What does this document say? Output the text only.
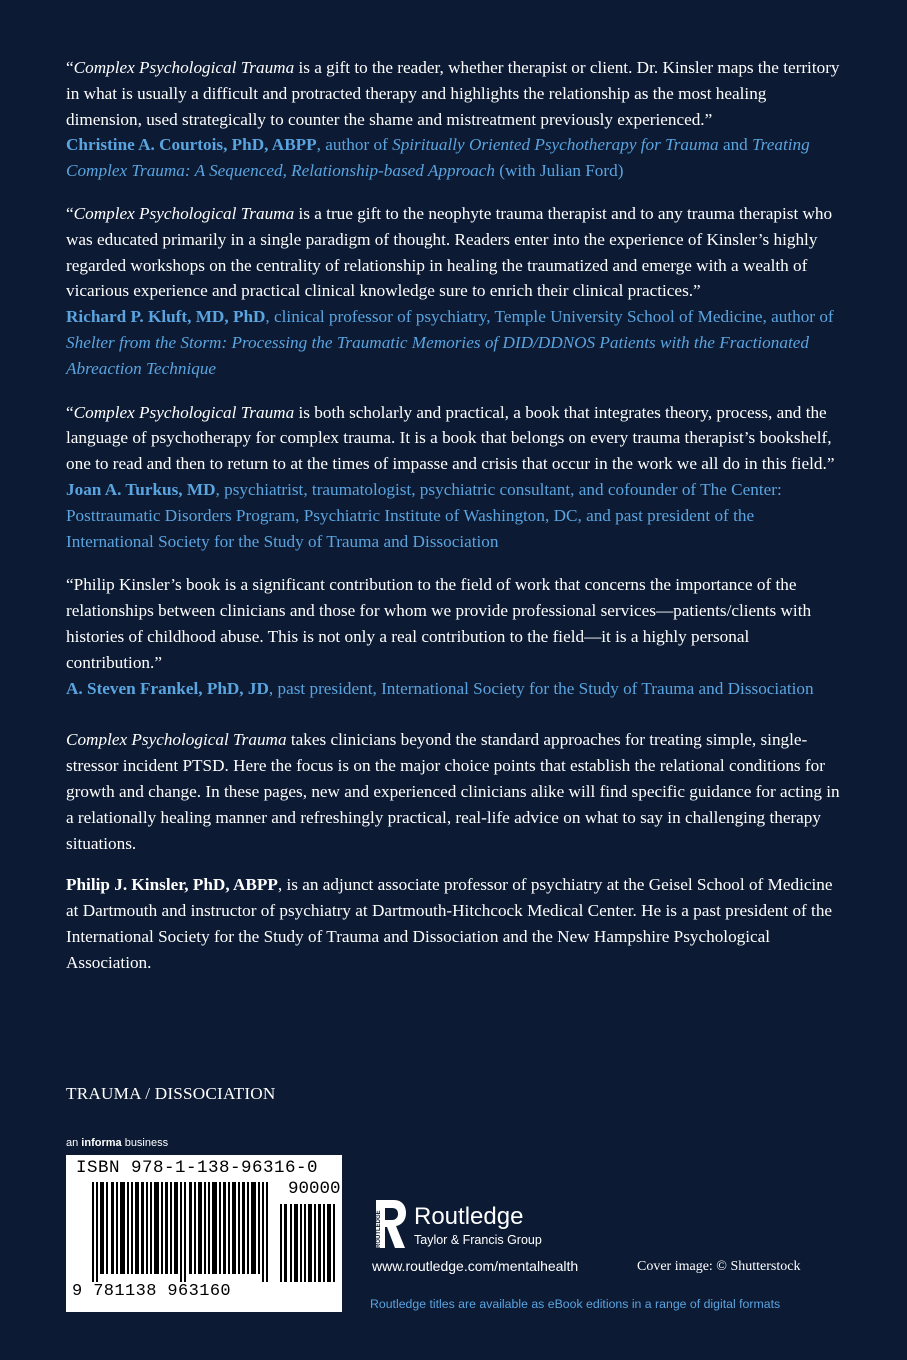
“Complex Psychological Trauma is a gift to the reader, whether therapist or client. Dr. Kinsler maps the territory in what is usually a difficult and protracted therapy and highlights the relationship as the most healing dimension, used strategically to counter the shame and mistreatment previously experienced.”

Christine A. Courtois, PhD, ABPP, author of Spiritually Oriented Psychotherapy for Trauma and Treating Complex Trauma: A Sequenced, Relationship-based Approach (with Julian Ford)

“Complex Psychological Trauma is a true gift to the neophyte trauma therapist and to any trauma therapist who was educated primarily in a single paradigm of thought. Readers enter into the experience of Kinsler’s highly regarded workshops on the centrality of relationship in healing the traumatized and emerge with a wealth of vicarious experience and practical clinical knowledge sure to enrich their clinical practices.”

Richard P. Kluft, MD, PhD, clinical professor of psychiatry, Temple University School of Medicine, author of Shelter from the Storm: Processing the Traumatic Memories of DID/DDNOS Patients with the Fractionated Abreaction Technique

“Complex Psychological Trauma is both scholarly and practical, a book that integrates theory, process, and the language of psychotherapy for complex trauma. It is a book that belongs on every trauma therapist’s bookshelf, one to read and then to return to at the times of impasse and crisis that occur in the work we all do in this field.”

Joan A. Turkus, MD, psychiatrist, traumatologist, psychiatric consultant, and cofounder of The Center: Posttraumatic Disorders Program, Psychiatric Institute of Washington, DC, and past president of the International Society for the Study of Trauma and Dissociation

“Philip Kinsler’s book is a significant contribution to the field of work that concerns the importance of the relationships between clinicians and those for whom we provide professional services—patients/clients with histories of childhood abuse. This is not only a real contribution to the field—it is a highly personal contribution.”

A. Steven Frankel, PhD, JD, past president, International Society for the Study of Trauma and Dissociation

Complex Psychological Trauma takes clinicians beyond the standard approaches for treating simple, single-stressor incident PTSD. Here the focus is on the major choice points that establish the relational conditions for growth and change. In these pages, new and experienced clinicians alike will find specific guidance for acting in a relationally healing manner and refreshingly practical, real-life advice on what to say in challenging therapy situations.

Philip J. Kinsler, PhD, ABPP, is an adjunct associate professor of psychiatry at the Geisel School of Medicine at Dartmouth and instructor of psychiatry at Dartmouth-Hitchcock Medical Center. He is a past president of the International Society for the Study of Trauma and Dissociation and the New Hampshire Psychological Association.

TRAUMA / DISSOCIATION
an informa business
ISBN 978-1-138-96316-0
90000
9 781138 963160
ROUTLEDGE Routledge
Taylor & Francis Group
www.routledge.com/mentalhealth	Cover image: © Shutterstock
Routledge titles are available as eBook editions in a range of digital formats
